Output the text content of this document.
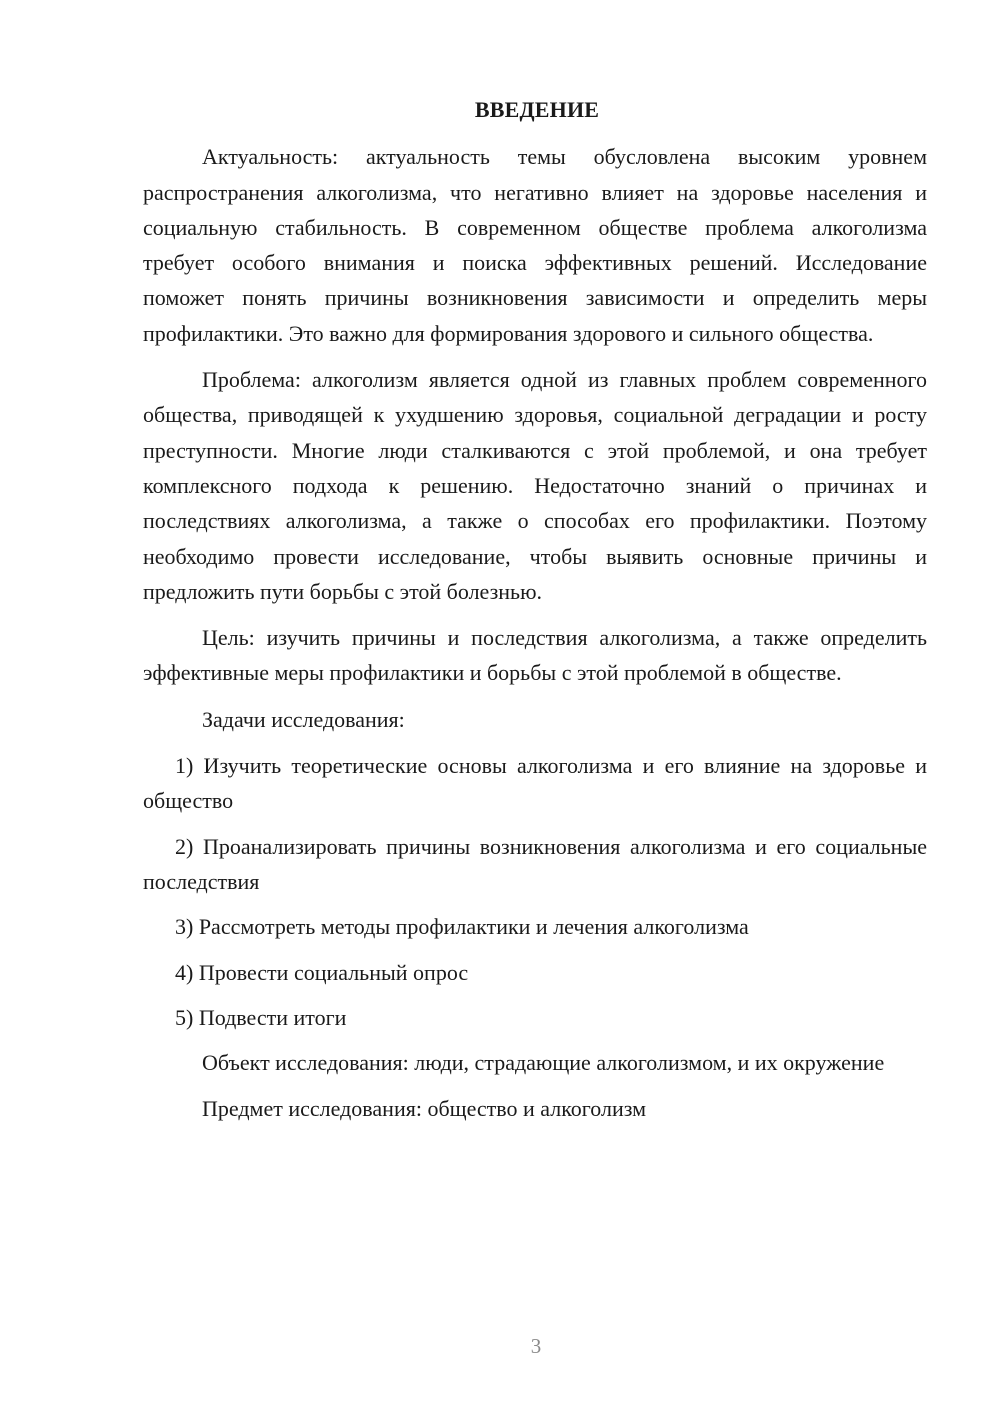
ВВЕДЕНИЕ

Актуальность: актуальность темы обусловлена высоким уровнем распространения алкоголизма, что негативно влияет на здоровье населения и социальную стабильность. В современном обществе проблема алкоголизма требует особого внимания и поиска эффективных решений. Исследование поможет понять причины возникновения зависимости и определить меры профилактики. Это важно для формирования здорового и сильного общества.

Проблема: алкоголизм является одной из главных проблем современного общества, приводящей к ухудшению здоровья, социальной деградации и росту преступности. Многие люди сталкиваются с этой проблемой, и она требует комплексного подхода к решению. Недостаточно знаний о причинах и последствиях алкоголизма, а также о способах его профилактики. Поэтому необходимо провести исследование, чтобы выявить основные причины и предложить пути борьбы с этой болезнью.

Цель: изучить причины и последствия алкоголизма, а также определить эффективные меры профилактики и борьбы с этой проблемой в обществе.

Задачи исследования:

1) Изучить теоретические основы алкоголизма и его влияние на здоровье и общество

2) Проанализировать причины возникновения алкоголизма и его социальные последствия

3) Рассмотреть методы профилактики и лечения алкоголизма

4) Провести социальный опрос

5) Подвести итоги

Объект исследования: люди, страдающие алкоголизмом, и их окружение

Предмет исследования: общество и алкоголизм

3
